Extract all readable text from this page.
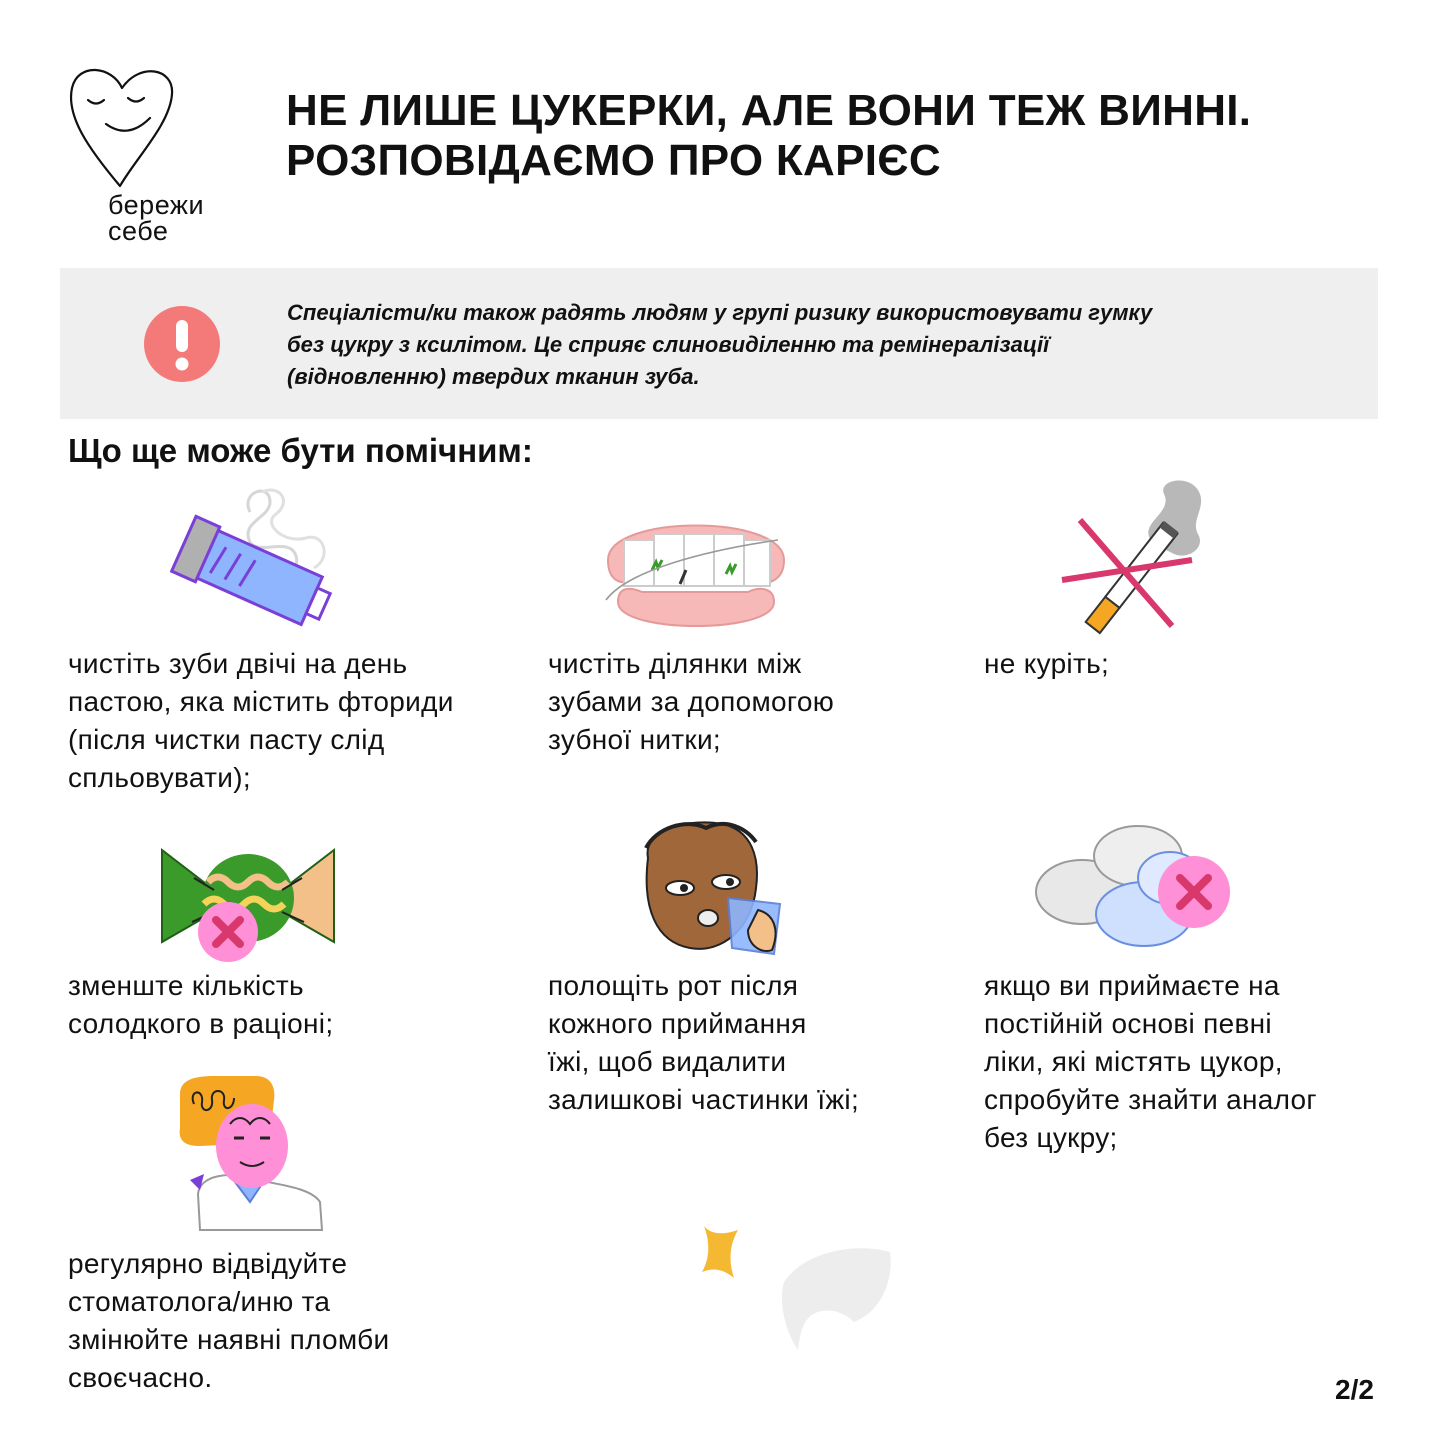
бережи
себе
НЕ ЛИШЕ ЦУКЕРКИ, АЛЕ ВОНИ ТЕЖ ВИННІ.
РОЗПОВІДАЄМО ПРО КАРІЄС
Спеціалісти/ки також радять людям у групі ризику використовувати гумку
без цукру з ксилітом. Це сприяє слиновиділенню та ремінералізації
(відновленню) твердих тканин зуба.
Що ще може бути помічним:
чистіть зуби двічі на день
пастою, яка містить фториди
(після чистки пасту слід
спльовувати);
чистіть ділянки між
зубами за допомогою
зубної нитки;
не куріть;
зменште кількість
солодкого в раціоні;
полощіть рот після
кожного приймання
їжі, щоб видалити
залишкові частинки їжі;
якщо ви приймаєте на
постійній основі певні
ліки, які містять цукор,
спробуйте знайти аналог
без цукру;
регулярно відвідуйте
стоматолога/иню та
змінюйте наявні пломби
своєчасно.	2/2
